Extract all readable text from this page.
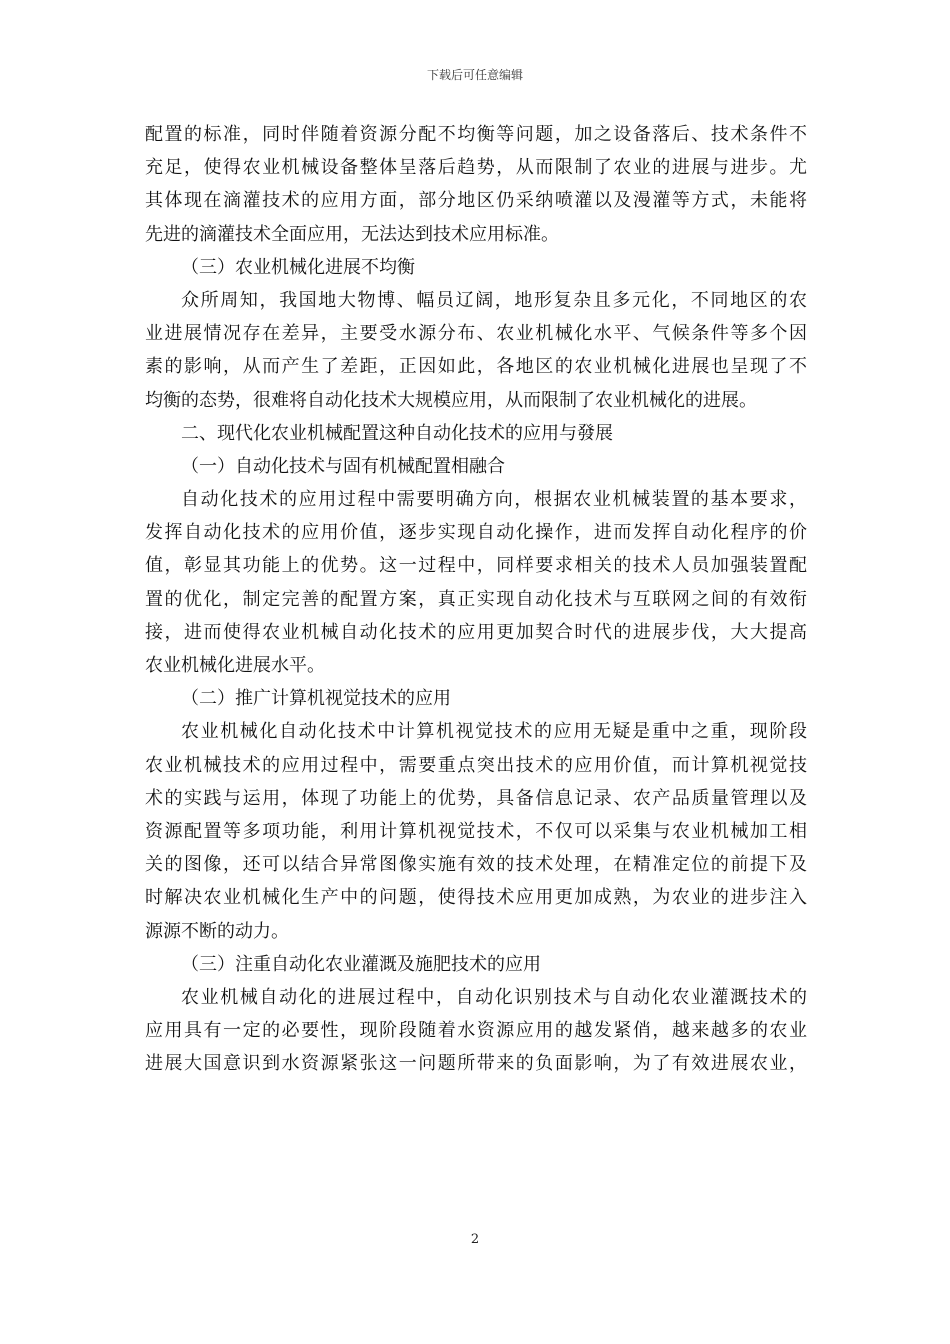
下载后可任意编辑
配置的标准，同时伴随着资源分配不均衡等问题，加之设备落后、技术条件不
充足，使得农业机械设备整体呈落后趋势，从而限制了农业的进展与进步。尤
其体现在滴灌技术的应用方面，部分地区仍采纳喷灌以及漫灌等方式，未能将
先进的滴灌技术全面应用，无法达到技术应用标准。
（三）农业机械化进展不均衡
众所周知，我国地大物博、幅员辽阔，地形复杂且多元化，不同地区的农
业进展情况存在差异，主要受水源分布、农业机械化水平、气候条件等多个因
素的影响，从而产生了差距，正因如此，各地区的农业机械化进展也呈现了不
均衡的态势，很难将自动化技术大规模应用，从而限制了农业机械化的进展。
二、现代化农业机械配置这种自动化技术的应用与發展
（一）自动化技术与固有机械配置相融合
自动化技术的应用过程中需要明确方向，根据农业机械装置的基本要求，
发挥自动化技术的应用价值，逐步实现自动化操作，进而发挥自动化程序的价
值，彰显其功能上的优势。这一过程中，同样要求相关的技术人员加强装置配
置的优化，制定完善的配置方案，真正实现自动化技术与互联网之间的有效衔
接，进而使得农业机械自动化技术的应用更加契合时代的进展步伐，大大提高
农业机械化进展水平。
（二）推广计算机视觉技术的应用
农业机械化自动化技术中计算机视觉技术的应用无疑是重中之重，现阶段
农业机械技术的应用过程中，需要重点突出技术的应用价值，而计算机视觉技
术的实践与运用，体现了功能上的优势，具备信息记录、农产品质量管理以及
资源配置等多项功能，利用计算机视觉技术，不仅可以采集与农业机械加工相
关的图像，还可以结合异常图像实施有效的技术处理，在精准定位的前提下及
时解决农业机械化生产中的问题，使得技术应用更加成熟，为农业的进步注入
源源不断的动力。
（三）注重自动化农业灌溉及施肥技术的应用
农业机械自动化的进展过程中，自动化识别技术与自动化农业灌溉技术的
应用具有一定的必要性，现阶段随着水资源应用的越发紧俏，越来越多的农业
进展大国意识到水资源紧张这一问题所带来的负面影响，为了有效进展农业，
2
